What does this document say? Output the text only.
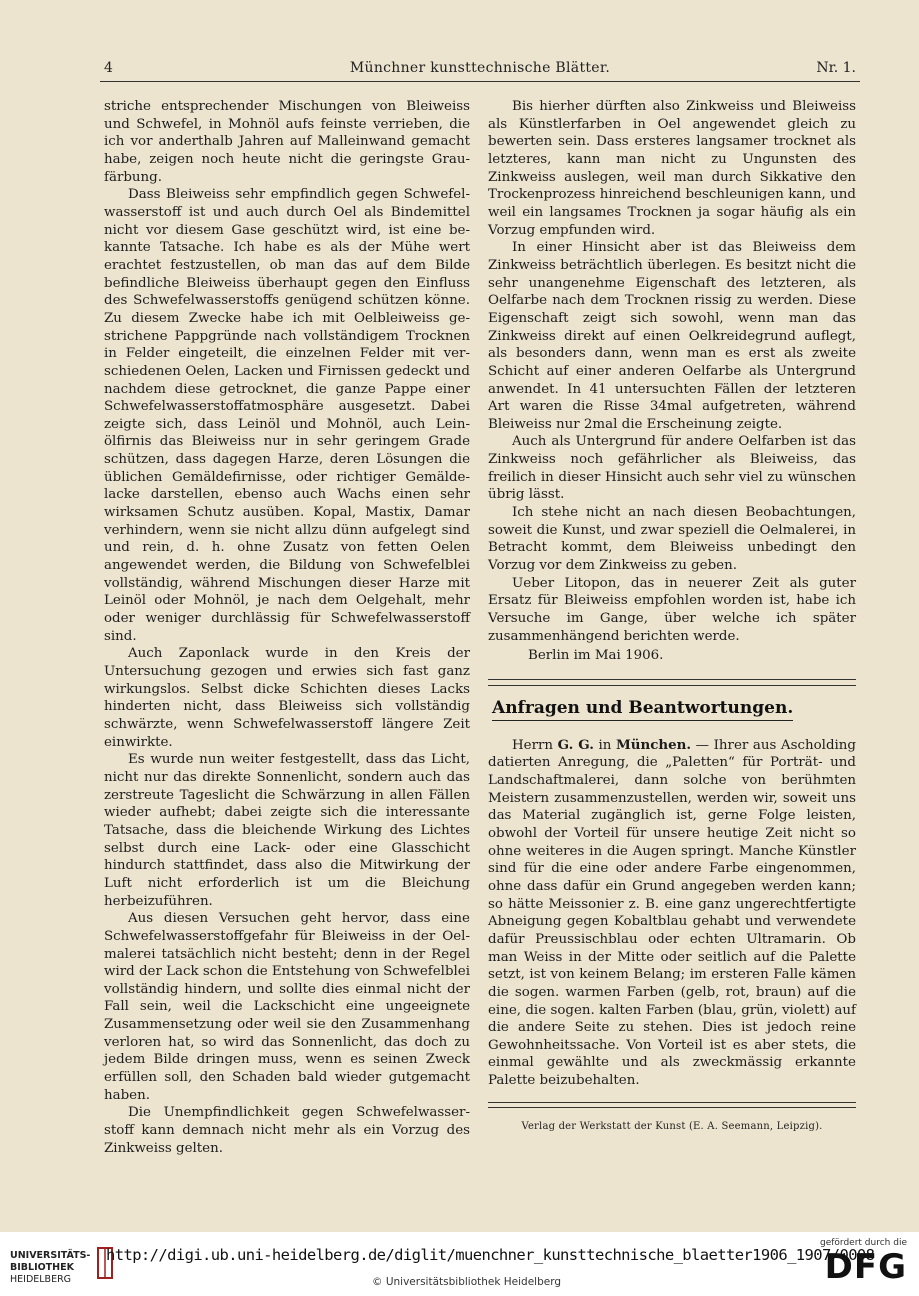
4	Münchner kunsttechnische Blätter.	Nr. 1.

striche entsprechender Mischungen von Bleiweiss und Schwefel, in Mohnöl aufs feinste verrieben, die ich vor anderthalb Jahren auf Malleinwand gemacht habe, zeigen noch heute nicht die geringste Graufärbung.

Dass Bleiweiss sehr empfindlich gegen Schwefelwasserstoff ist und auch durch Oel als Bindemittel nicht vor diesem Gase geschützt wird, ist eine bekannte Tatsache. Ich habe es als der Mühe wert erachtet festzustellen, ob man das auf dem Bilde befindliche Bleiweiss überhaupt gegen den Einfluss des Schwefelwasserstoffs genügend schützen könne. Zu diesem Zwecke habe ich mit Oelbleiweiss gestrichene Pappgründe nach vollständigem Trocknen in Felder eingeteilt, die einzelnen Felder mit verschiedenen Oelen, Lacken und Firnissen gedeckt und nachdem diese getrocknet, die ganze Pappe einer Schwefelwasserstoffatmosphäre ausgesetzt. Dabei zeigte sich, dass Leinöl und Mohnöl, auch Leinölfirnis das Bleiweiss nur in sehr geringem Grade schützen, dass dagegen Harze, deren Lösungen die üblichen Gemäldefirnisse, oder richtiger Gemäldelacke darstellen, ebenso auch Wachs einen sehr wirksamen Schutz ausüben. Kopal, Mastix, Damar verhindern, wenn sie nicht allzu dünn aufgelegt sind und rein, d. h. ohne Zusatz von fetten Oelen angewendet werden, die Bildung von Schwefelblei vollständig, während Mischungen dieser Harze mit Leinöl oder Mohnöl, je nach dem Oelgehalt, mehr oder weniger durchlässig für Schwefelwasserstoff sind.

Auch Zaponlack wurde in den Kreis der Untersuchung gezogen und erwies sich fast ganz wirkungslos. Selbst dicke Schichten dieses Lacks hinderten nicht, dass Bleiweiss sich vollständig schwärzte, wenn Schwefelwasserstoff längere Zeit einwirkte.

Es wurde nun weiter festgestellt, dass das Licht, nicht nur das direkte Sonnenlicht, sondern auch das zerstreute Tageslicht die Schwärzung in allen Fällen wieder aufhebt; dabei zeigte sich die interessante Tatsache, dass die bleichende Wirkung des Lichtes selbst durch eine Lack- oder eine Glasschicht hindurch stattfindet, dass also die Mitwirkung der Luft nicht erforderlich ist um die Bleichung herbeizuführen.

Aus diesen Versuchen geht hervor, dass eine Schwefelwasserstoffgefahr für Bleiweiss in der Oelmalerei tatsächlich nicht besteht; denn in der Regel wird der Lack schon die Entstehung von Schwefelblei vollständig hindern, und sollte dies einmal nicht der Fall sein, weil die Lackschicht eine ungeeignete Zusammensetzung oder weil sie den Zusammenhang verloren hat, so wird das Sonnenlicht, das doch zu jedem Bilde dringen muss, wenn es seinen Zweck erfüllen soll, den Schaden bald wieder gutgemacht haben.

Die Unempfindlichkeit gegen Schwefelwasserstoff kann demnach nicht mehr als ein Vorzug des Zinkweiss gelten.

Bis hierher dürften also Zinkweiss und Bleiweiss als Künstlerfarben in Oel angewendet gleich zu bewerten sein. Dass ersteres langsamer trocknet als letzteres, kann man nicht zu Ungunsten des Zinkweiss auslegen, weil man durch Sikkative den Trockenprozess hinreichend beschleunigen kann, und weil ein langsames Trocknen ja sogar häufig als ein Vorzug empfunden wird.

In einer Hinsicht aber ist das Bleiweiss dem Zinkweiss beträchtlich überlegen. Es besitzt nicht die sehr unangenehme Eigenschaft des letzteren, als Oelfarbe nach dem Trocknen rissig zu werden. Diese Eigenschaft zeigt sich sowohl, wenn man das Zinkweiss direkt auf einen Oelkreidegrund auflegt, als besonders dann, wenn man es erst als zweite Schicht auf einer anderen Oelfarbe als Untergrund anwendet. In 41 untersuchten Fällen der letzteren Art waren die Risse 34mal aufgetreten, während Bleiweiss nur 2mal die Erscheinung zeigte.

Auch als Untergrund für andere Oelfarben ist das Zinkweiss noch gefährlicher als Bleiweiss, das freilich in dieser Hinsicht auch sehr viel zu wünschen übrig lässt.

Ich stehe nicht an nach diesen Beobachtungen, soweit die Kunst, und zwar speziell die Oelmalerei, in Betracht kommt, dem Bleiweiss unbedingt den Vorzug vor dem Zinkweiss zu geben.

Ueber Litopon, das in neuerer Zeit als guter Ersatz für Bleiweiss empfohlen worden ist, habe ich Versuche im Gange, über welche ich später zusammenhängend berichten werde.

Berlin im Mai 1906.

Anfragen und Beantwortungen.

Herrn G. G. in München. — Ihrer aus Ascholding datierten Anregung, die „Paletten“ für Porträt- und Landschaftmalerei, dann solche von berühmten Meistern zusammenzustellen, werden wir, soweit uns das Material zugänglich ist, gerne Folge leisten, obwohl der Vorteil für unsere heutige Zeit nicht so ohne weiteres in die Augen springt. Manche Künstler sind für die eine oder andere Farbe eingenommen, ohne dass dafür ein Grund angegeben werden kann; so hätte Meissonier z. B. eine ganz ungerechtfertigte Abneigung gegen Kobaltblau gehabt und verwendete dafür Preussischblau oder echten Ultramarin. Ob man Weiss in der Mitte oder seitlich auf die Palette setzt, ist von keinem Belang; im ersteren Falle kämen die sogen. warmen Farben (gelb, rot, braun) auf die eine, die sogen. kalten Farben (blau, grün, violett) auf die andere Seite zu stehen. Dies ist jedoch reine Gewohnheitssache. Von Vorteil ist es aber stets, die einmal gewählte und als zweckmässig erkannte Palette beizubehalten.

Verlag der Werkstatt der Kunst (E. A. Seemann, Leipzig).
UNIVERSITÄTS-
BIBLIOTHEK
HEIDELBERG
http://digi.ub.uni-heidelberg.de/diglit/muenchner_kunsttechnische_blaetter1906_1907/0008
© Universitätsbibliothek Heidelberg
gefördert durch die
DFG
